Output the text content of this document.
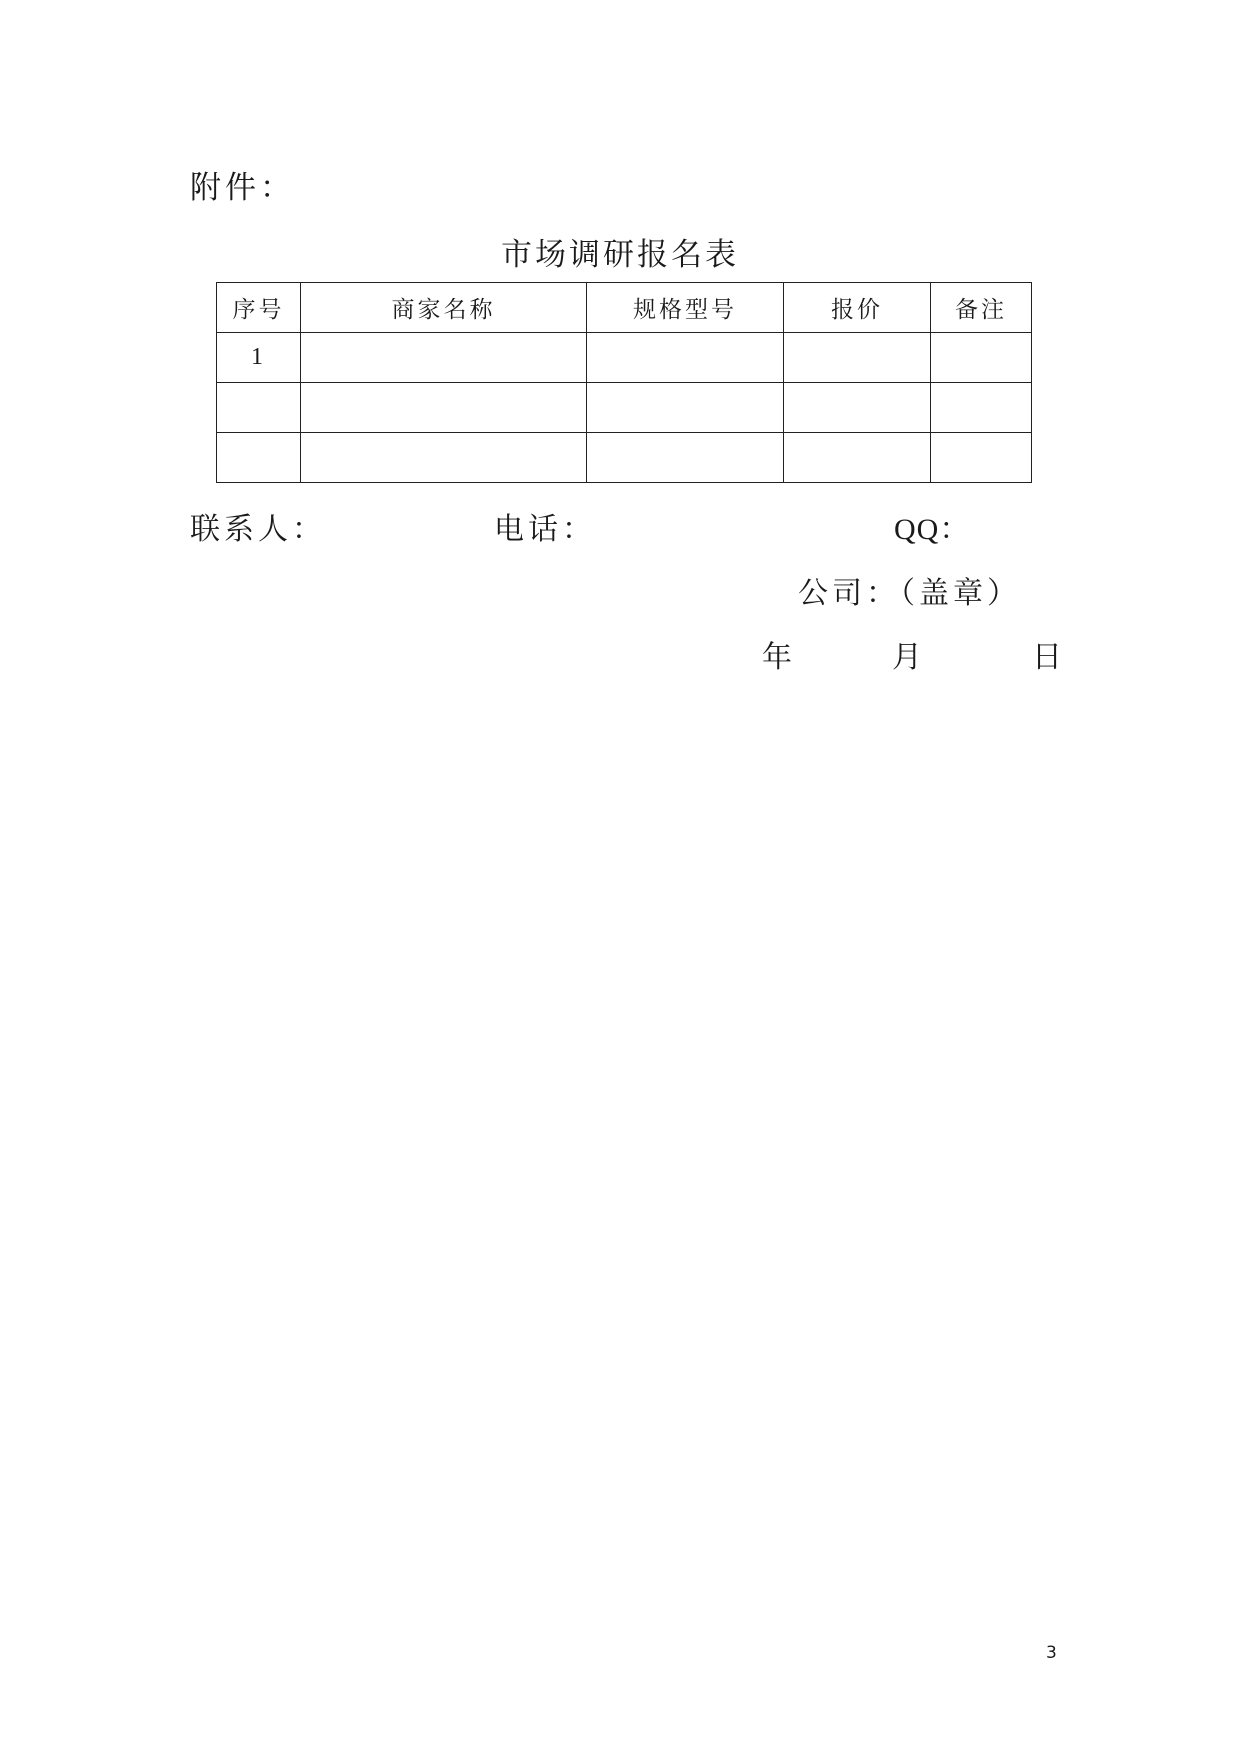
附件：
市场调研报名表
序号	商家名称	规格型号	报价	备注
1				

联系人：	电话：	QQ：
公司：（盖章）
年	月	日
3
